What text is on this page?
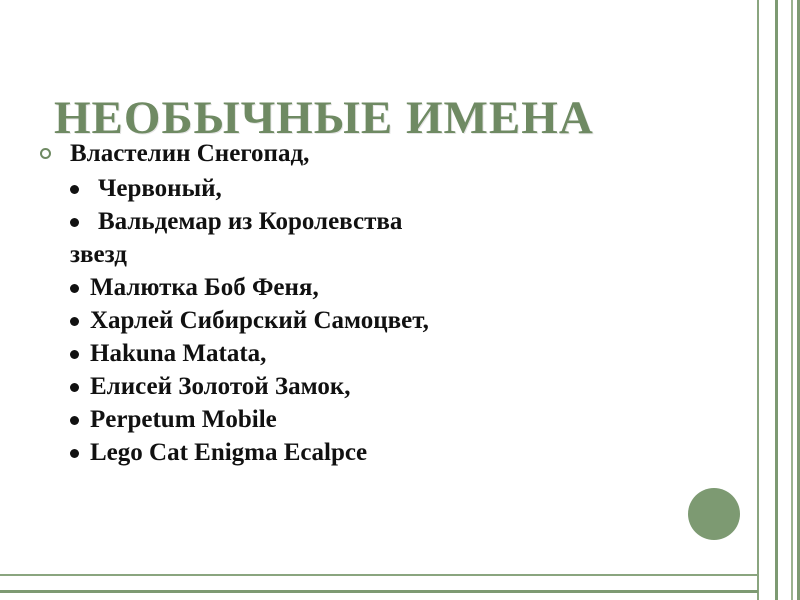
НЕОБЫЧНЫЕ ИМЕНА
Властелин Снегопад,
Червоный,
Вальдемар из Королевства
звезд
Малютка Боб Феня,
Харлей Сибирский Самоцвет,
Hakuna Matata,
Елисей Золотой Замок,
Perpetum Mobile
Lego Cat Enigma Ecalpce
